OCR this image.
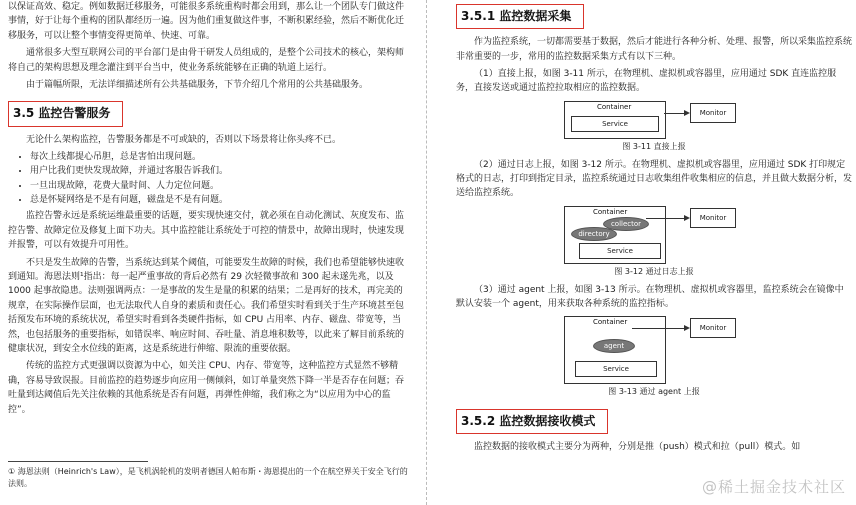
以保证高效、稳定。例如数据迁移服务，可能很多系统重构时都会用到，那么让一个团队专门做这件事情，好于让每个重构的团队都经历一遍。因为他们重复做这件事，不断积累经验，然后不断优化迁移服务，可以让整个事情变得更简单、快速、可靠。

通常很多大型互联网公司的平台部门是由骨干研发人员组成的，是整个公司技术的核心，架构师将自己的架构思想及理念灌注到平台当中，使业务系统能够在正确的轨道上运行。

由于篇幅所限，无法详细描述所有公共基础服务，下节介绍几个常用的公共基础服务。

3.5 监控告警服务

无论什么架构监控，告警服务都是不可或缺的，否则以下场景将让你头疼不已。

• 每次上线都提心吊胆，总是害怕出现问题。
• 用户比我们更快发现故障，并通过客服告诉我们。
• 一旦出现故障，花费大量时间、人力定位问题。
• 总是怀疑网络是不是有问题，磁盘是不是有问题。

监控告警永远是系统运维最重要的话题，要实现快速交付，就必须在自动化测试、灰度发布、监控告警、故障定位及修复上面下功夫。其中监控能让系统处于可控的情景中，故障出现时，快速发现并报警，可以有效提升可用性。

不只是发生故障的告警，当系统达到某个阈值，可能要发生故障的时候，我们也希望能够快速收到通知。海恩法则¹指出：每一起严重事故的背后必然有 29 次轻微事故和 300 起未遂先兆，以及 1000 起事故隐患。法则强调两点：一是事故的发生是量的积累的结果；二是再好的技术，再完美的规章，在实际操作层面，也无法取代人自身的素质和责任心。我们希望实时看到关于生产环境甚至包括预发布环境的系统状况，希望实时看到各类硬件指标，如 CPU 占用率、内存、磁盘、带宽等，当然，也包括服务的重要指标，如错误率、响应时间、吞吐量、消息堆积数等，以此来了解目前系统的健康状况，到安全水位线的距离，这是系统进行伸缩、限流的重要依据。

传统的监控方式更强调以资源为中心，如关注 CPU、内存、带宽等，这种监控方式显然不够精确，容易导致误报。目前监控的趋势逐步向应用一侧倾斜，如订单量突然下降一半是否存在问题；吞吐量到达阈值后先关注依赖的其他系统是否有问题，再弹性伸缩，我们称之为“以应用为中心的监控”。

① 海恩法则（Heinrich's Law），是飞机涡轮机的发明者德国人帕布斯・海恩提出的一个在航空界关于安全飞行的法则。
3.5.1 监控数据采集

作为监控系统，一切都需要基于数据，然后才能进行各种分析、处理、报警，所以采集监控系统非常重要的一步，常用的监控数据采集方式有以下三种。

（1）直接上报，如图 3-11 所示，在物理机、虚拟机或容器里，应用通过 SDK 直连监控服务，直接发送或通过监控拉取相应的监控数据。

Container
Service
Monitor
图 3-11 直接上报

（2）通过日志上报，如图 3-12 所示。在物理机、虚拟机或容器里，应用通过 SDK 打印规定格式的日志，打印到指定目录，监控系统通过日志收集组件收集相应的信息，并且做大数据分析，发送给监控系统。

Container
collector
directory
Service
Monitor
图 3-12 通过日志上报

（3）通过 agent 上报，如图 3-13 所示。在物理机、虚拟机或容器里，监控系统会在镜像中默认安装一个 agent，用来获取各种系统的监控指标。

Container
agent
Service
Monitor
图 3-13 通过 agent 上报
3.5.2 监控数据接收模式

监控数据的接收模式主要分为两种，分别是推（push）模式和拉（pull）模式。如

@稀土掘金技术社区
